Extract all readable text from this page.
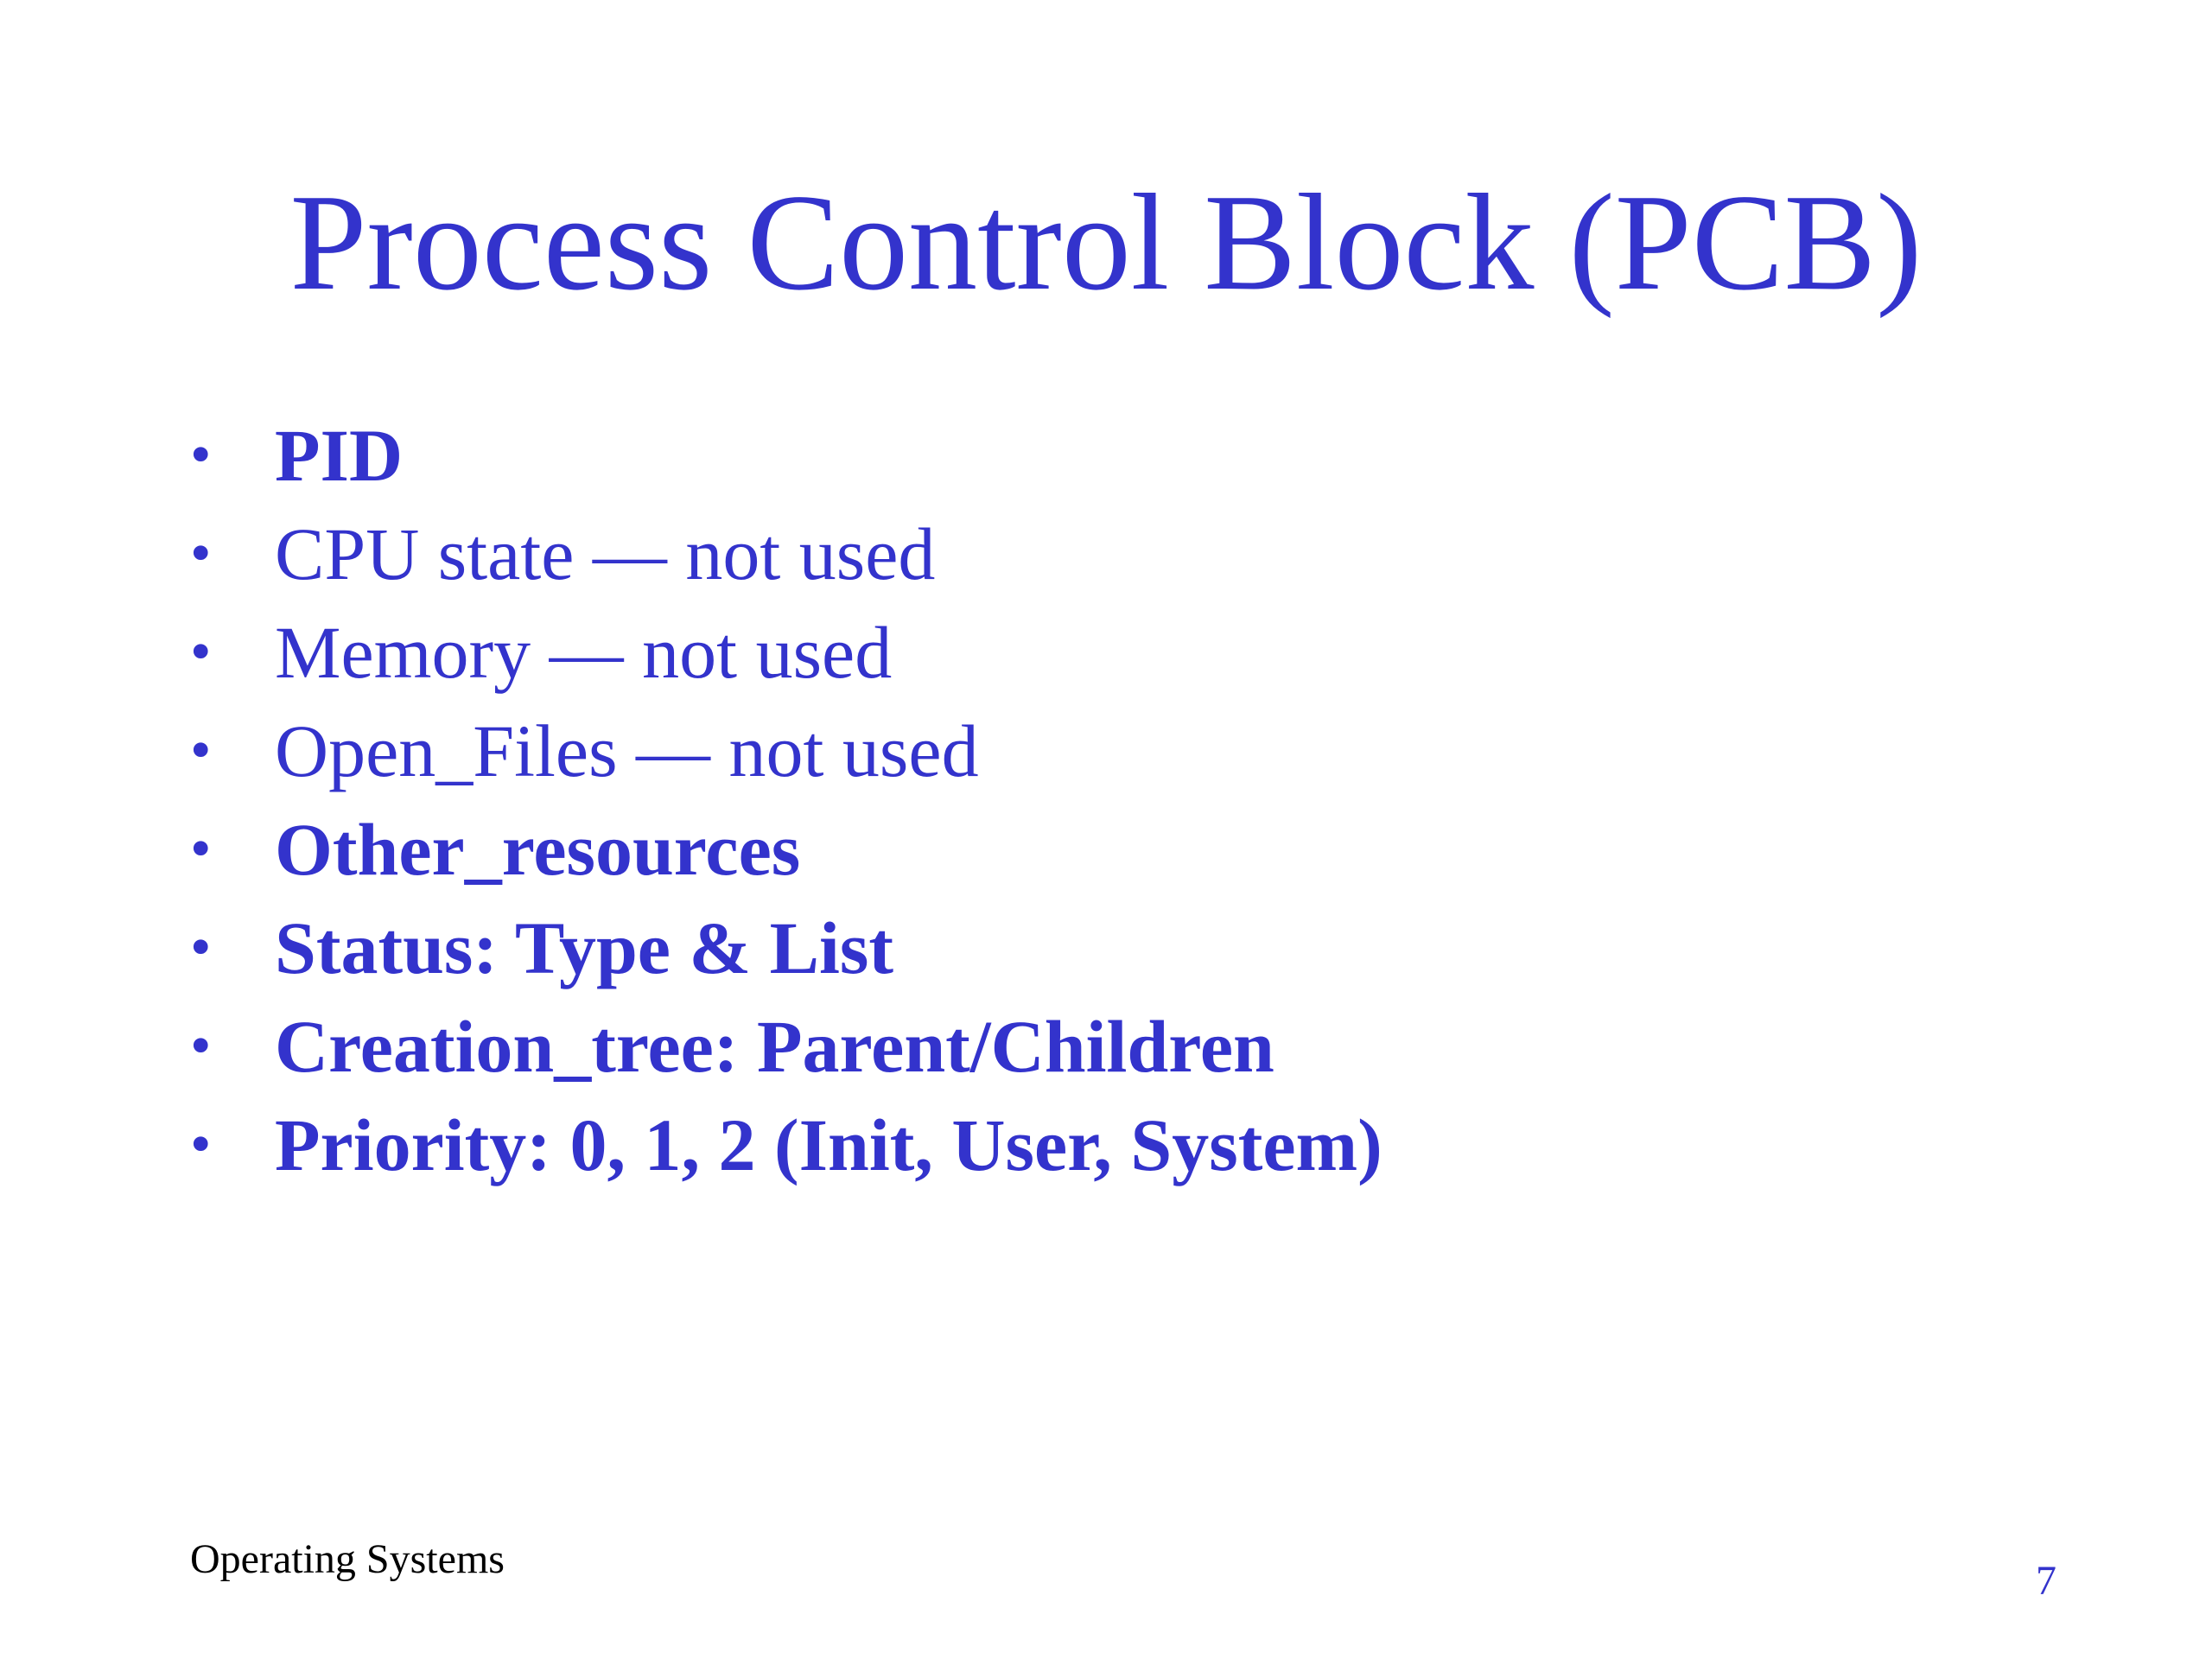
Process Control Block (PCB)
• PID
• CPU state — not used
• Memory — not used
• Open_Files — not used
• Other_resources
• Status: Type & List
• Creation_tree: Parent/Children
• Priority: 0, 1, 2 (Init, User, System)
Operating Systems	7
